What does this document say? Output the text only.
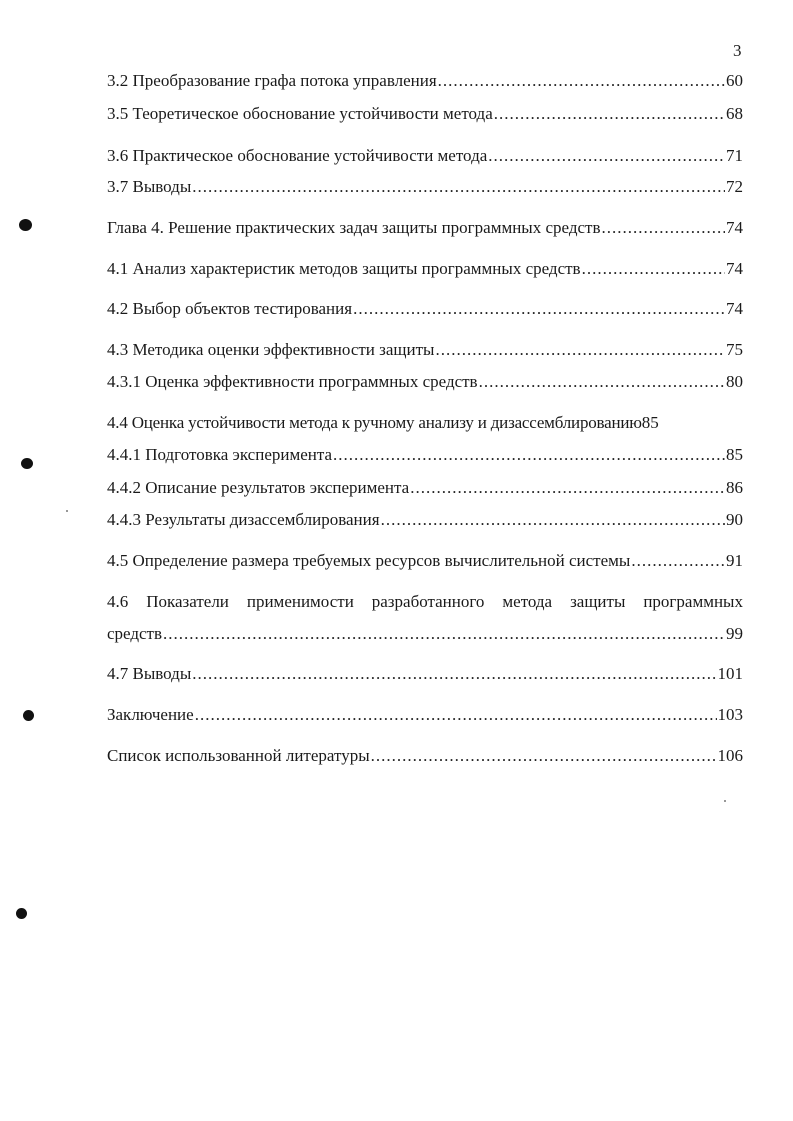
3
3.2 Преобразование графа потока управления .....	60
3.5 Теоретическое обоснование устойчивости метода .....	68
3.6 Практическое обоснование устойчивости метода .....	71
3.7 Выводы .....	72
Глава 4. Решение практических задач защиты программных средств .....	74
4.1 Анализ характеристик методов защиты программных средств .....	74
4.2 Выбор объектов тестирования .....	74
4.3 Методика оценки эффективности защиты .....	75
4.3.1 Оценка эффективности программных средств .....	80
4.4 Оценка устойчивости метода к ручному анализу и дизассемблированию 85
4.4.1 Подготовка эксперимента .....	85
4.4.2 Описание результатов эксперимента .....	86
4.4.3 Результаты дизассемблирования .....	90
4.5 Определение размера требуемых ресурсов вычислительной системы .....	91
4.6 Показатели применимости разработанного метода защиты программных
средств .....	99
4.7 Выводы .....	101
Заключение .....	103
Список использованной литературы .....	106
